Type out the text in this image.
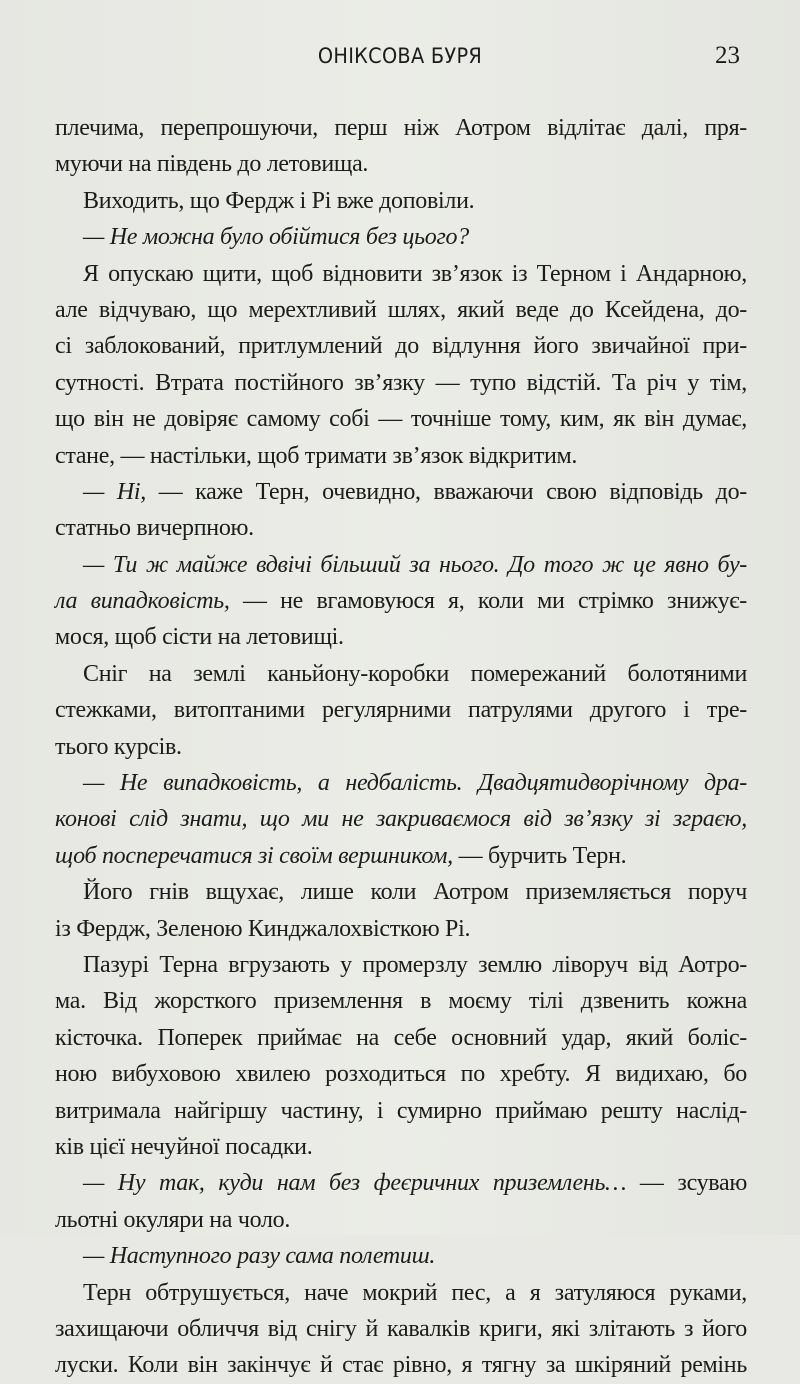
ОНІКСОВА БУРЯ	23
плечима, перепрошуючи, перш ніж Аотром відлітає далі, пря-
муючи на південь до летовища.
Виходить, що Фердж і Рі вже доповіли.
— Не можна було обійтися без цього?
Я опускаю щити, щоб відновити зв’язок із Терном і Андарною,
але відчуваю, що мерехтливий шлях, який веде до Ксейдена, до-
сі заблокований, притлумлений до відлуння його звичайної при-
сутності. Втрата постійного зв’язку — тупо відстій. Та річ у тім,
що він не довіряє самому собі — точніше тому, ким, як він думає,
стане, — настільки, щоб тримати зв’язок відкритим.
— Ні, — каже Терн, очевидно, вважаючи свою відповідь до-
статньо вичерпною.
— Ти ж майже вдвічі більший за нього. До того ж це явно бу-
ла випадковість, — не вгамовуюся я, коли ми стрімко знижує-
мося, щоб сісти на летовищі.
Сніг на землі каньйону-коробки помережаний болотяними
стежками, витоптаними регулярними патрулями другого і тре-
тього курсів.
— Не випадковість, а недбалість. Двадцятидворічному дра-
конові слід знати, що ми не закриваємося від зв’язку зі зграєю,
щоб посперечатися зі своїм вершником, — бурчить Терн.
Його гнів вщухає, лише коли Аотром приземляється поруч
із Фердж, Зеленою Кинджалохвісткою Рі.
Пазурі Терна вгрузають у промерзлу землю ліворуч від Аотро-
ма. Від жорсткого приземлення в моєму тілі дзвенить кожна
кісточка. Поперек приймає на себе основний удар, який боліс-
ною вибуховою хвилею розходиться по хребту. Я видихаю, бо
витримала найгіршу частину, і сумирно приймаю решту наслід-
ків цієї нечуйної посадки.
— Ну так, куди нам без феєричних приземлень… — зсуваю
льотні окуляри на чоло.
— Наступного разу сама полетиш.
Терн обтрушується, наче мокрий пес, а я затуляюся руками,
захищаючи обличчя від снігу й кавалків криги, які злітають з його
луски. Коли він закінчує й стає рівно, я тягну за шкіряний ремінь
